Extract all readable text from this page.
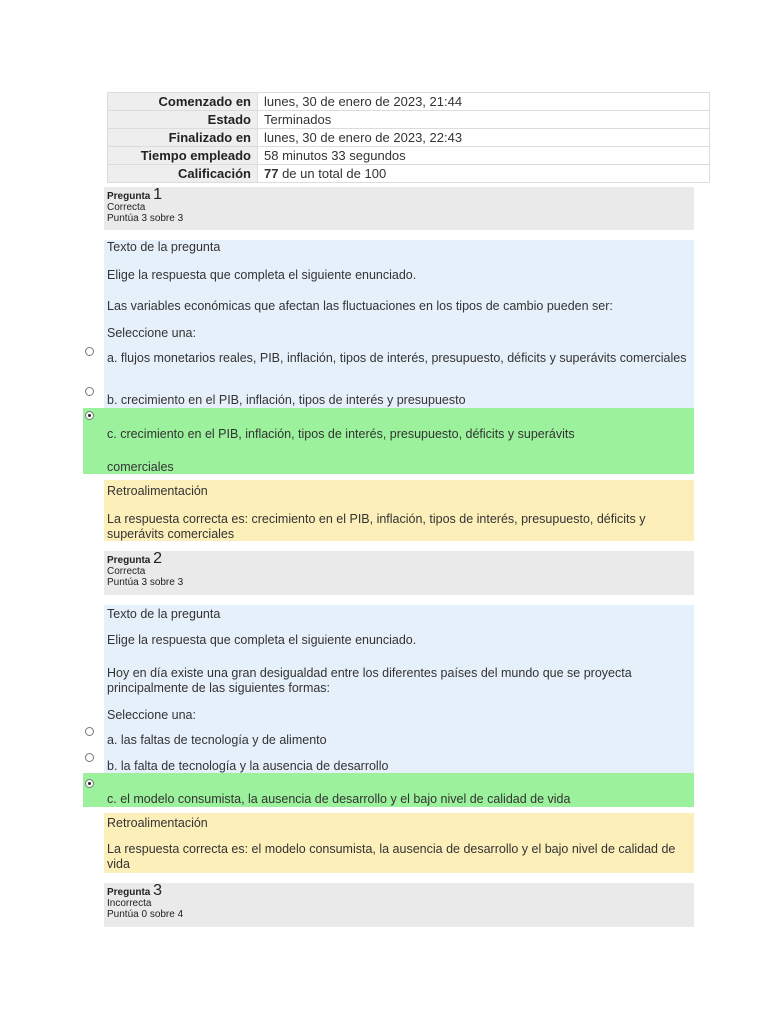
Comenzado en	lunes, 30 de enero de 2023, 21:44
Estado	Terminados
Finalizado en	lunes, 30 de enero de 2023, 22:43
Tiempo empleado	58 minutos 33 segundos
Calificación	77 de un total de 100
Pregunta 1
Correcta
Puntúa 3 sobre 3
Texto de la pregunta
Elige la respuesta que completa el siguiente enunciado.
Las variables económicas que afectan las fluctuaciones en los tipos de cambio pueden ser:
Seleccione una:
a. flujos monetarios reales, PIB, inflación, tipos de interés, presupuesto, déficits y superávits comerciales
b. crecimiento en el PIB, inflación, tipos de interés y presupuesto
c. crecimiento en el PIB, inflación, tipos de interés, presupuesto, déficits y superávits
comerciales
Retroalimentación
La respuesta correcta es: crecimiento en el PIB, inflación, tipos de interés, presupuesto, déficits y superávits comerciales
Pregunta 2
Correcta
Puntúa 3 sobre 3
Texto de la pregunta
Elige la respuesta que completa el siguiente enunciado.
Hoy en día existe una gran desigualdad entre los diferentes países del mundo que se proyecta principalmente de las siguientes formas:
Seleccione una:
a. las faltas de tecnología y de alimento
b. la falta de tecnología y la ausencia de desarrollo
c. el modelo consumista, la ausencia de desarrollo y el bajo nivel de calidad de vida
Retroalimentación
La respuesta correcta es: el modelo consumista, la ausencia de desarrollo y el bajo nivel de calidad de vida
Pregunta 3
Incorrecta
Puntúa 0 sobre 4
